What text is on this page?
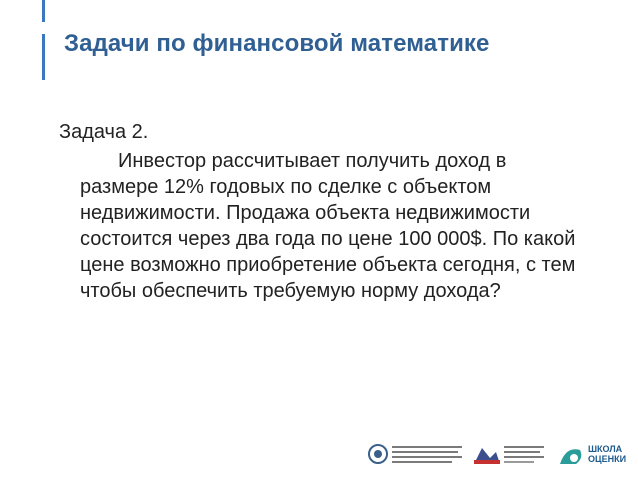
Задачи по финансовой математике
Задача 2.
Инвестор рассчитывает получить доход в размере 12% годовых по сделке с объектом недвижимости. Продажа объекта недвижимости состоится через два года по цене 100 000$. По какой цене возможно приобретение объекта сегодня, с тем чтобы обеспечить требуемую норму дохода?
ШКОЛА
ОЦЕНКИ
